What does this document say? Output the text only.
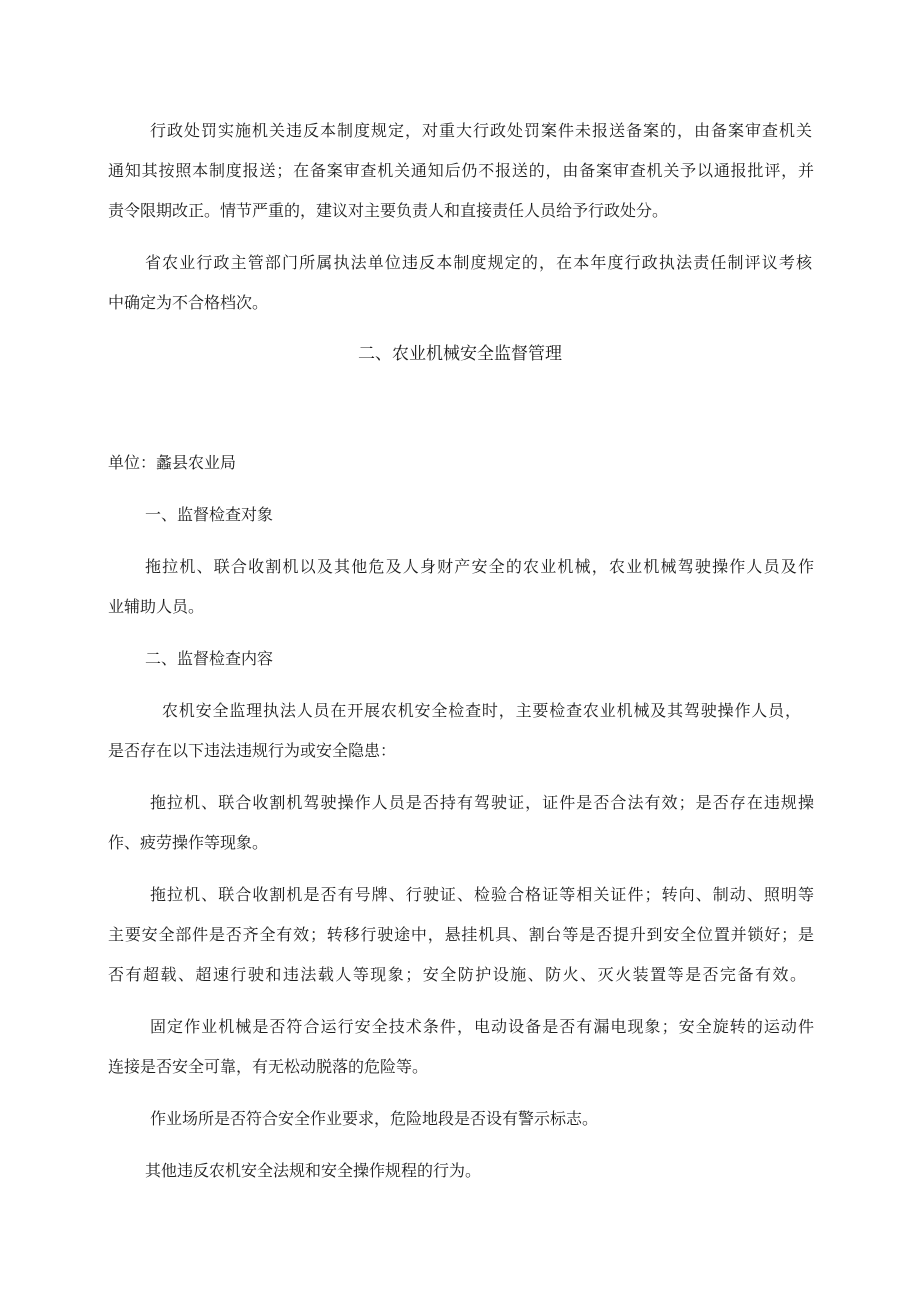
行政处罚实施机关违反本制度规定，对重大行政处罚案件未报送备案的，由备案审查机关
通知其按照本制度报送；在备案审查机关通知后仍不报送的，由备案审查机关予以通报批评，并
责令限期改正。情节严重的，建议对主要负责人和直接责任人员给予行政处分。
省农业行政主管部门所属执法单位违反本制度规定的，在本年度行政执法责任制评议考核
中确定为不合格档次。
二、农业机械安全监督管理
单位：蠡县农业局
一、监督检查对象
拖拉机、联合收割机以及其他危及人身财产安全的农业机械，农业机械驾驶操作人员及作
业辅助人员。
二、监督检查内容
农机安全监理执法人员在开展农机安全检查时，主要检查农业机械及其驾驶操作人员，
是否存在以下违法违规行为或安全隐患：
拖拉机、联合收割机驾驶操作人员是否持有驾驶证，证件是否合法有效；是否存在违规操
作、疲劳操作等现象。
拖拉机、联合收割机是否有号牌、行驶证、检验合格证等相关证件；转向、制动、照明等
主要安全部件是否齐全有效；转移行驶途中，悬挂机具、割台等是否提升到安全位置并锁好；是
否有超载、超速行驶和违法载人等现象；安全防护设施、防火、灭火装置等是否完备有效。
固定作业机械是否符合运行安全技术条件，电动设备是否有漏电现象；安全旋转的运动件
连接是否安全可靠，有无松动脱落的危险等。
作业场所是否符合安全作业要求，危险地段是否设有警示标志。
其他违反农机安全法规和安全操作规程的行为。
